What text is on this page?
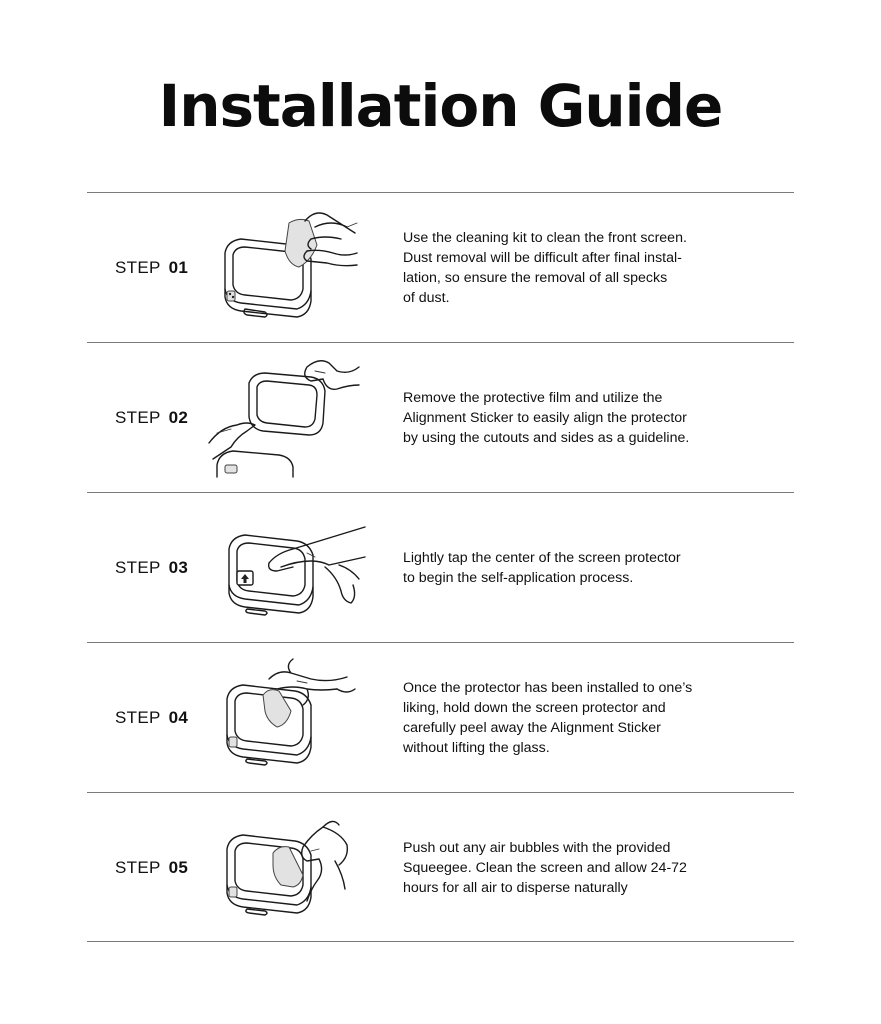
Installation Guide
STEP 01
Use the cleaning kit to clean the front screen.
Dust removal will be difficult after final instal-
lation, so ensure the removal of all specks
of dust.
STEP 02
Remove the protective film and utilize the
Alignment Sticker to easily align the protector
by using the cutouts and sides as a guideline.
STEP 03	Lightly tap the center of the screen protector
to begin the self-application process.
STEP 04
Once the protector has been installed to one’s
liking, hold down the screen protector and
carefully peel away the Alignment Sticker
without lifting the glass.
STEP 05
Push out any air bubbles with the provided
Squeegee. Clean the screen and allow 24-72
hours for all air to disperse naturally
